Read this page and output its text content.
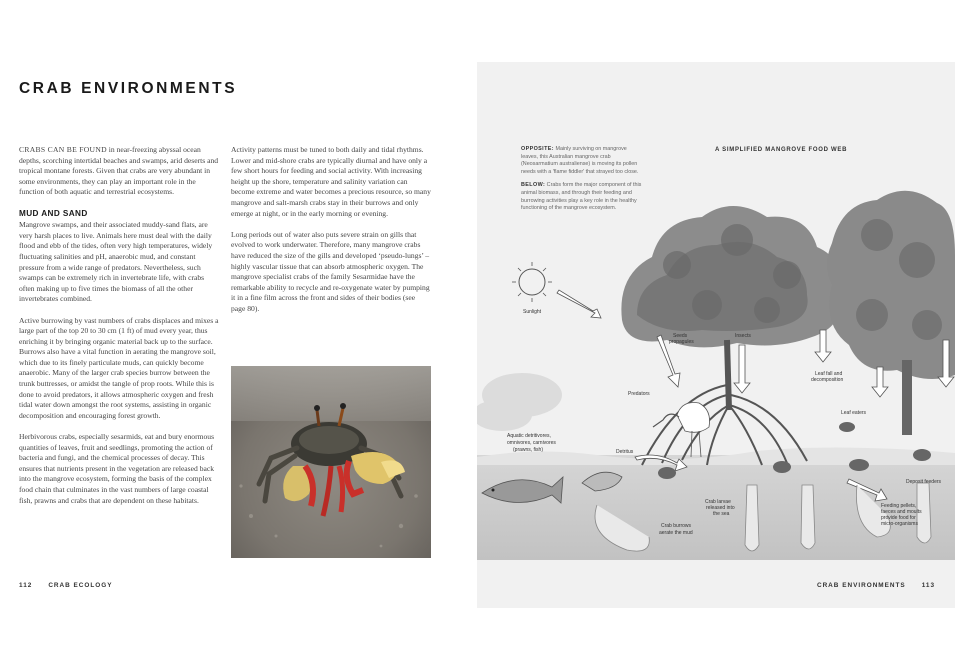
CRAB ENVIRONMENTS

CRABS CAN BE FOUND in near-freezing abyssal ocean depths, scorching intertidal beaches and swamps, arid deserts and tropical montane forests. Given that crabs are very abundant in some environments, they can play an important role in the function of both aquatic and terrestrial ecosystems.

MUD AND SAND

Mangrove swamps, and their associated muddy-sand flats, are very harsh places to live. Animals here must deal with the daily flood and ebb of the tides, often very high temperatures, widely fluctuating salinities and pH, anaerobic mud, and constant pressure from a wide range of predators. Nevertheless, such swamps can be extremely rich in invertebrate life, with crabs often making up to five times the biomass of all the other invertebrates combined.

Active burrowing by vast numbers of crabs displaces and mixes a large part of the top 20 to 30 cm (1 ft) of mud every year, thus enriching it by bringing organic material back up to the surface. Burrows also have a vital function in aerating the mangrove soil, which due to its finely particulate muds, can quickly become anaerobic. Many of the larger crab species burrow between the trunk buttresses, or amidst the tangle of prop roots. While this is done to avoid predators, it allows atmospheric oxygen and fresh tidal water down amongst the root systems, assisting in organic decomposition and encouraging forest growth.

Herbivorous crabs, especially sesarmids, eat and bury enormous quantities of leaves, fruit and seedlings, promoting the action of bacteria and fungi, and the chemical processes of decay. This ensures that nutrients present in the vegetation are released back into the mangrove ecosystem, forming the basis of the complex food chain that culminates in the vast numbers of large coastal fish, prawns and crabs that are dependent on these habitats.

Activity patterns must be tuned to both daily and tidal rhythms. Lower and mid-shore crabs are typically diurnal and have only a few short hours for feeding and social activity. With increasing height up the shore, temperature and salinity variation can become extreme and water becomes a precious resource, so many mangrove and salt-marsh crabs stay in their burrows and only emerge at night, or in the early morning or evening.

Long periods out of water also puts severe strain on gills that evolved to work underwater. Therefore, many mangrove crabs have reduced the size of the gills and developed ‘pseudo-lungs’ – highly vascular tissue that can absorb atmospheric oxygen. The mangrove specialist crabs of the family Sesarmidae have the remarkable ability to recycle and re-oxygenate water by pumping it in a fine film across the front and sides of their bodies (see page 80).

112	CRAB ECOLOGY

OPPOSITE: Mainly surviving on mangrove leaves, this Australian mangrove crab (Neosarmatium australiense) is moving its pollen needs with a 'flame fiddler' that strayed too close.

BELOW: Crabs form the major component of this animal biomass, and through their feeding and burrowing activities play a key role in the healthy functioning of the mangrove ecosystem.

A SIMPLIFIED MANGROVE FOOD WEB
Sunlight
Seeds
propagules
Insects
Leaf fall and
decomposition
Predators
Leaf eaters
Aquatic detritivores,
omnivores, carnivores
(prawns, fish)	Detritus
Crab larvae
released into
the sea
Crab burrows
aerate the mud
Deposit feeders
Feeding pellets,
faeces and moults
provide food for
micro-organisms
CRAB ENVIRONMENTS	113
